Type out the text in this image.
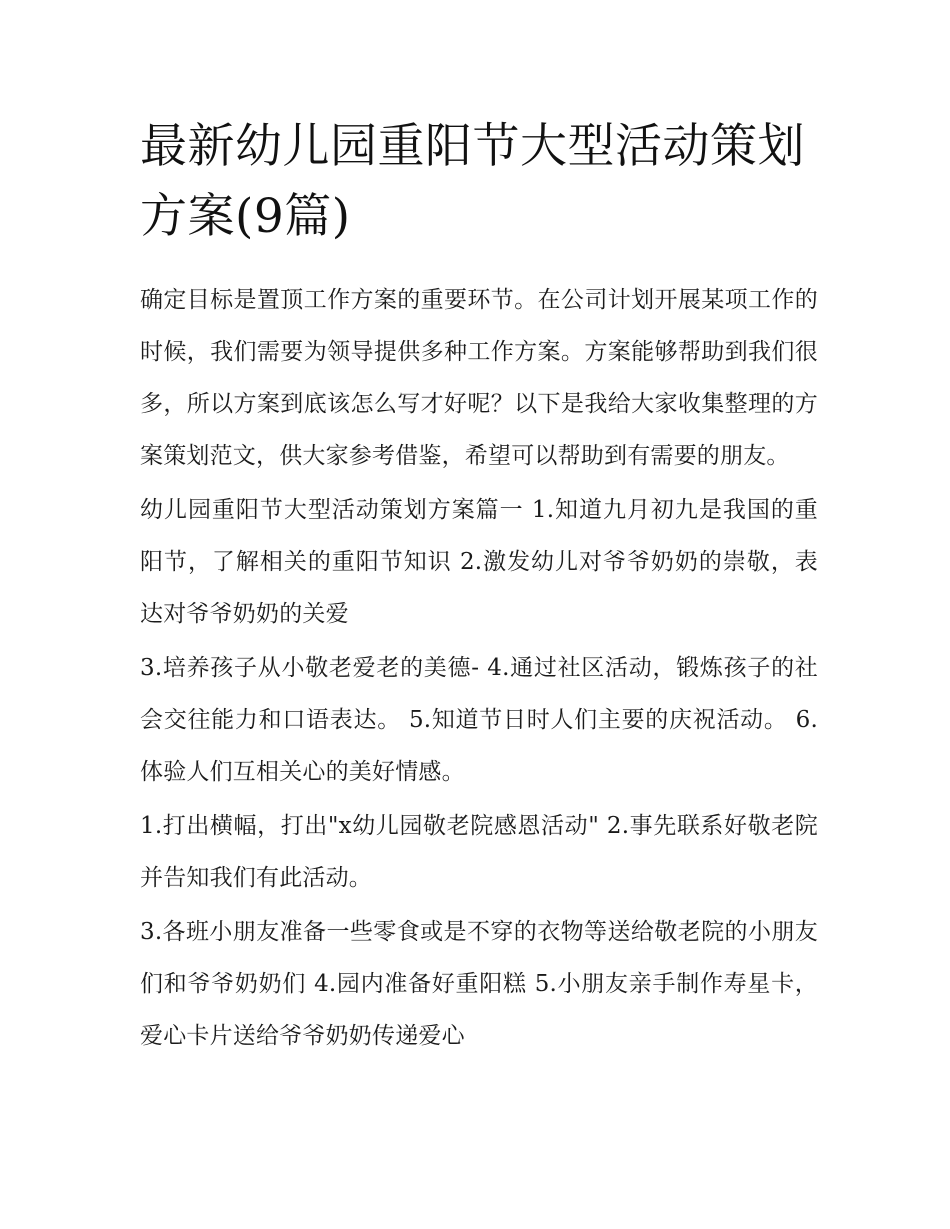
最新幼儿园重阳节大型活动策划方案(9篇)

确定目标是置顶工作方案的重要环节。在公司计划开展某项工作的时候，我们需要为领导提供多种工作方案。方案能够帮助到我们很多，所以方案到底该怎么写才好呢？以下是我给大家收集整理的方案策划范文，供大家参考借鉴，希望可以帮助到有需要的朋友。

幼儿园重阳节大型活动策划方案篇一 1.知道九月初九是我国的重阳节，了解相关的重阳节知识 2.激发幼儿对爷爷奶奶的崇敬，表达对爷爷奶奶的关爱

3.培养孩子从小敬老爱老的美德- 4.通过社区活动，锻炼孩子的社会交往能力和口语表达。 5.知道节日时人们主要的庆祝活动。 6.体验人们互相关心的美好情感。

1.打出横幅，打出"x幼儿园敬老院感恩活动" 2.事先联系好敬老院并告知我们有此活动。

3.各班小朋友准备一些零食或是不穿的衣物等送给敬老院的小朋友们和爷爷奶奶们 4.园内准备好重阳糕 5.小朋友亲手制作寿星卡，爱心卡片送给爷爷奶奶传递爱心
